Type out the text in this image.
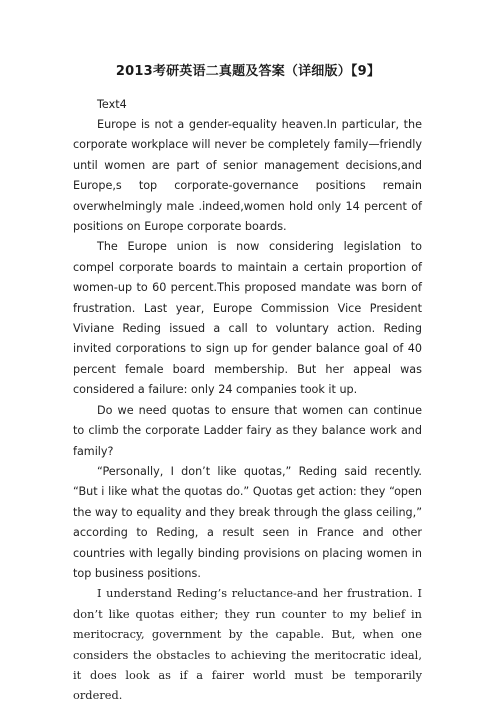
2013考研英语二真题及答案（详细版）【9】
Text4

Europe is not a gender-equality heaven.In particular, the corporate workplace will never be completely family—friendly until women are part of senior management decisions,and Europe,s top corporate-governance positions remain overwhelmingly male .indeed,women hold only 14 percent of positions on Europe corporate boards.

The Europe union is now considering legislation to compel corporate boards to maintain a certain proportion of women-up to 60 percent.This proposed mandate was born of frustration. Last year, Europe Commission Vice President Viviane Reding issued a call to voluntary action. Reding invited corporations to sign up for gender balance goal of 40 percent female board membership. But her appeal was considered a failure: only 24 companies took it up.

Do we need quotas to ensure that women can continue to climb the corporate Ladder fairy as they balance work and family?

“Personally, I don’t like quotas,” Reding said recently. “But i like what the quotas do.” Quotas get action: they “open the way to equality and they break through the glass ceiling,” according to Reding, a result seen in France and other countries with legally binding provisions on placing women in top business positions.

I understand Reding’s reluctance-and her frustration. I don’t like quotas either; they run counter to my belief in meritocracy, government by the capable. But, when one considers the obstacles to achieving the meritocratic ideal, it does look as if a fairer world must be temporarily ordered.
